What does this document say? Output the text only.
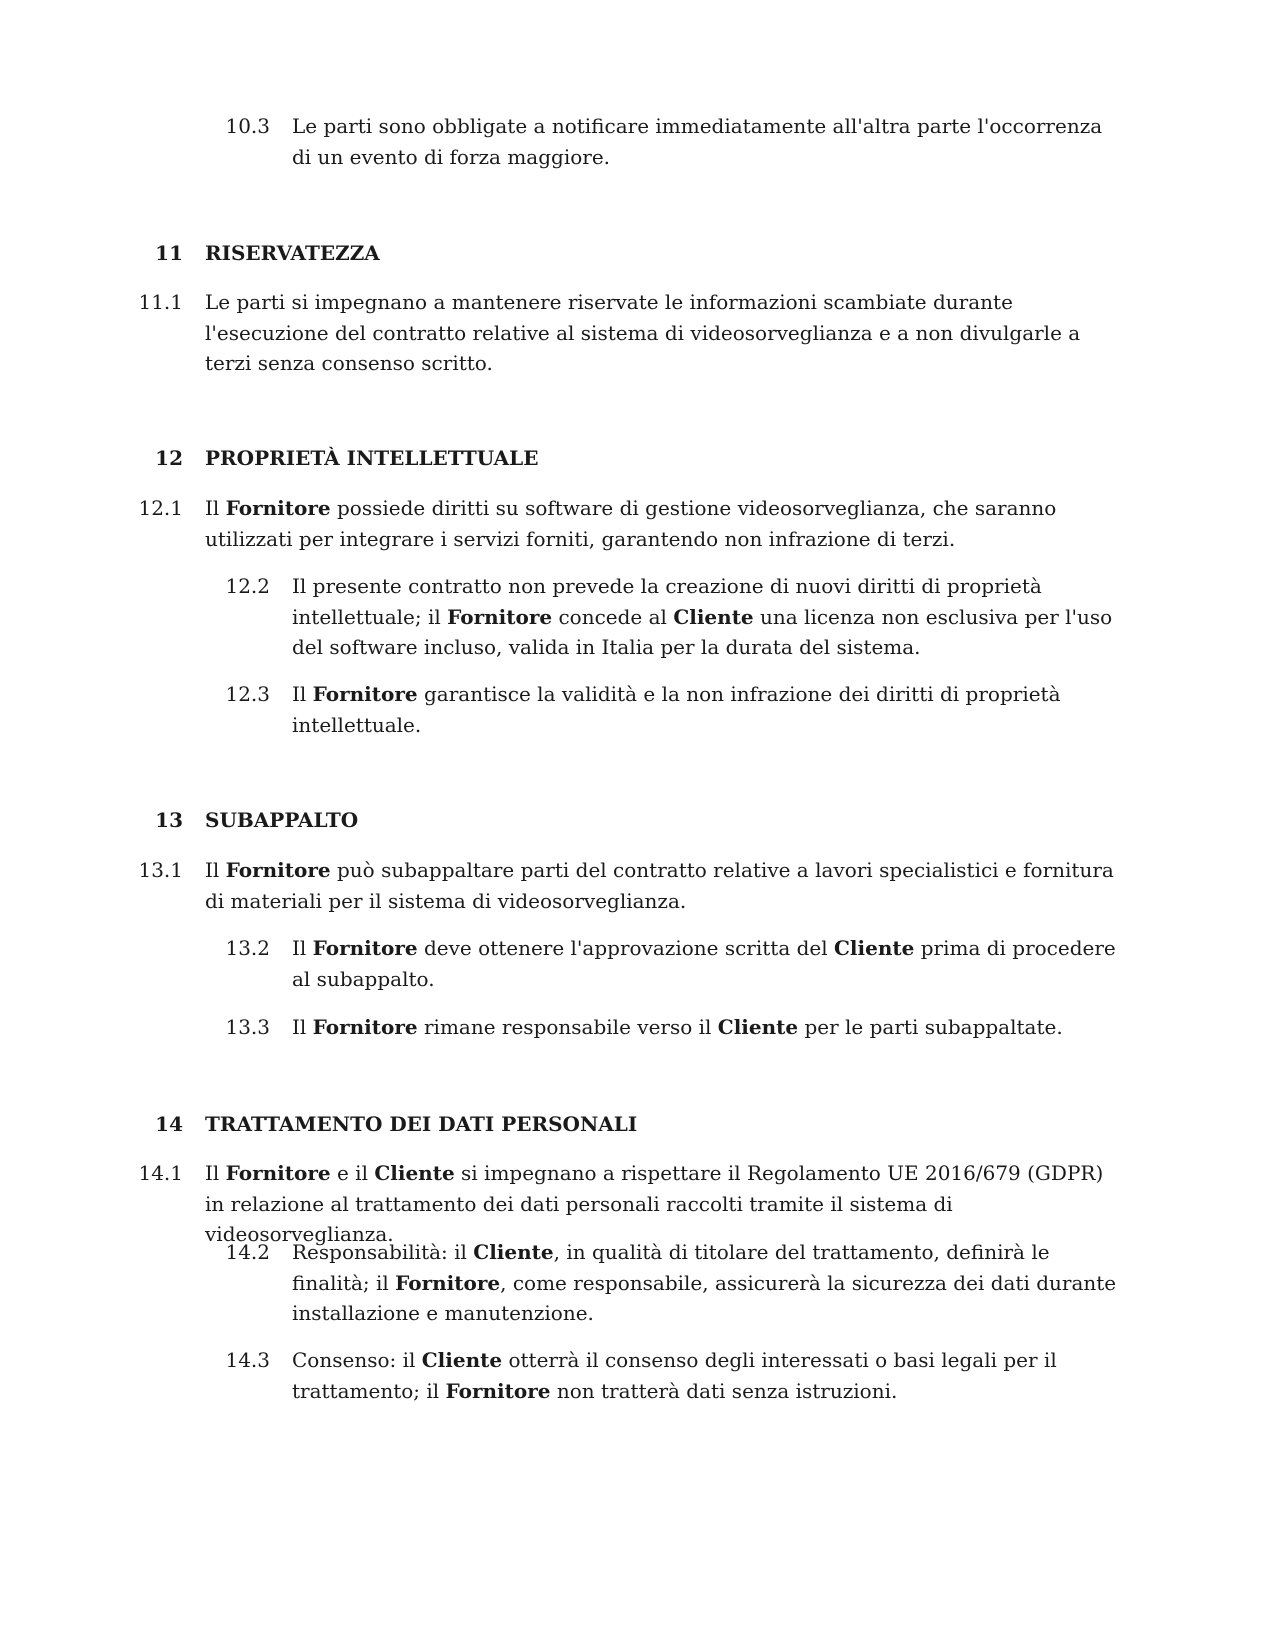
10.3	Le parti sono obbligate a notificare immediatamente all'altra parte l'occorrenza di un evento di forza maggiore.
11	RISERVATEZZA
11.1	Le parti si impegnano a mantenere riservate le informazioni scambiate durante l'esecuzione del contratto relative al sistema di videosorveglianza e a non divulgarle a terzi senza consenso scritto.
12	PROPRIETÀ INTELLETTUALE
12.1	Il Fornitore possiede diritti su software di gestione videosorveglianza, che saranno utilizzati per integrare i servizi forniti, garantendo non infrazione di terzi.
12.2	Il presente contratto non prevede la creazione di nuovi diritti di proprietà intellettuale; il Fornitore concede al Cliente una licenza non esclusiva per l'uso del software incluso, valida in Italia per la durata del sistema.
12.3	Il Fornitore garantisce la validità e la non infrazione dei diritti di proprietà intellettuale.
13	SUBAPPALTO
13.1	Il Fornitore può subappaltare parti del contratto relative a lavori specialistici e fornitura di materiali per il sistema di videosorveglianza.
13.2	Il Fornitore deve ottenere l'approvazione scritta del Cliente prima di procedere al subappalto.
13.3	Il Fornitore rimane responsabile verso il Cliente per le parti subappaltate.
14	TRATTAMENTO DEI DATI PERSONALI
14.1	Il Fornitore e il Cliente si impegnano a rispettare il Regolamento UE 2016/679 (GDPR) in relazione al trattamento dei dati personali raccolti tramite il sistema di videosorveglianza.
14.2	Responsabilità: il Cliente, in qualità di titolare del trattamento, definirà le finalità; il Fornitore, come responsabile, assicurerà la sicurezza dei dati durante installazione e manutenzione.
14.3	Consenso: il Cliente otterrà il consenso degli interessati o basi legali per il trattamento; il Fornitore non tratterà dati senza istruzioni.
